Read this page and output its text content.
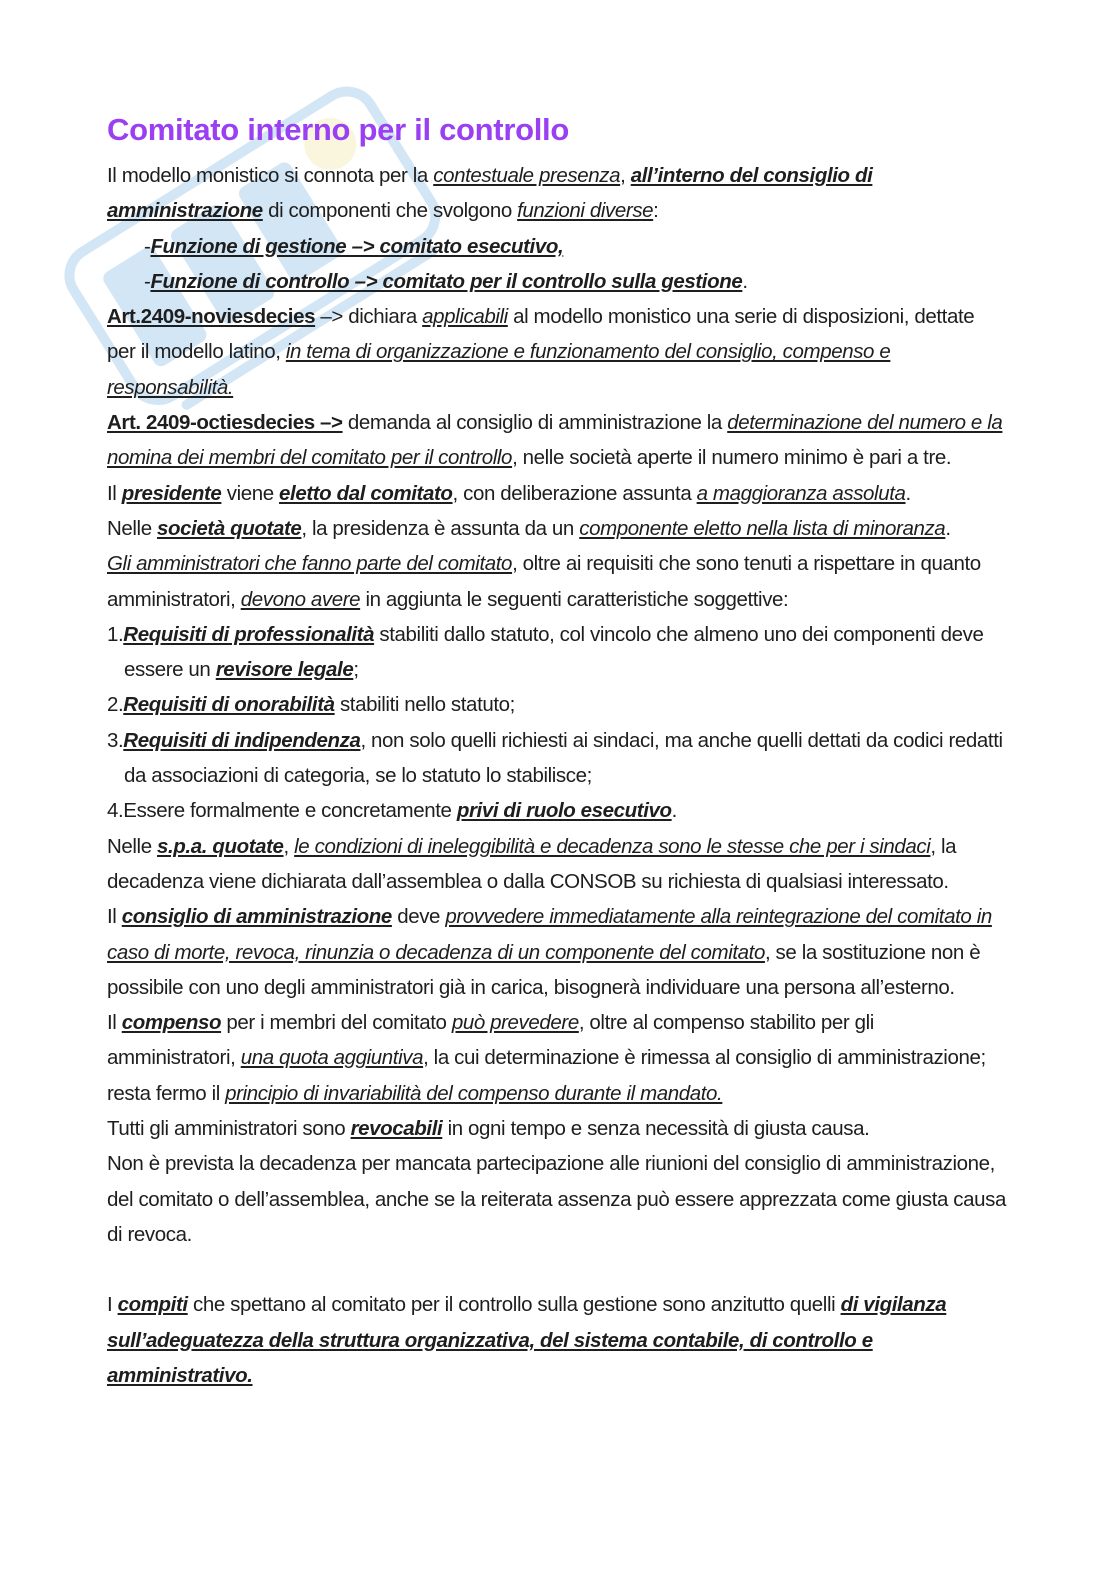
Comitato interno per il controllo

Il modello monistico si connota per la contestuale presenza, all’interno del consiglio di amministrazione di componenti che svolgono funzioni diverse:

-Funzione di gestione –> comitato esecutivo,

-Funzione di controllo –> comitato per il controllo sulla gestione.

Art.2409-noviesdecies –> dichiara applicabili al modello monistico una serie di disposizioni, dettate per il modello latino, in tema di organizzazione e funzionamento del consiglio, compenso e responsabilità.

Art. 2409-octiesdecies –> demanda al consiglio di amministrazione la determinazione del numero e la nomina dei membri del comitato per il controllo, nelle società aperte il numero minimo è pari a tre.

Il presidente viene eletto dal comitato, con deliberazione assunta a maggioranza assoluta.

Nelle società quotate, la presidenza è assunta da un componente eletto nella lista di minoranza.

Gli amministratori che fanno parte del comitato, oltre ai requisiti che sono tenuti a rispettare in quanto amministratori, devono avere in aggiunta le seguenti caratteristiche soggettive:

1.Requisiti di professionalità stabiliti dallo statuto, col vincolo che almeno uno dei componenti deve essere un revisore legale;

2.Requisiti di onorabilità stabiliti nello statuto;

3.Requisiti di indipendenza, non solo quelli richiesti ai sindaci, ma anche quelli dettati da codici redatti da associazioni di categoria, se lo statuto lo stabilisce;

4.Essere formalmente e concretamente privi di ruolo esecutivo.

Nelle s.p.a. quotate, le condizioni di ineleggibilità e decadenza sono le stesse che per i sindaci, la decadenza viene dichiarata dall’assemblea o dalla CONSOB su richiesta di qualsiasi interessato.

Il consiglio di amministrazione deve provvedere immediatamente alla reintegrazione del comitato in caso di morte, revoca, rinunzia o decadenza di un componente del comitato, se la sostituzione non è possibile con uno degli amministratori già in carica, bisognerà individuare una persona all’esterno.

Il compenso per i membri del comitato può prevedere, oltre al compenso stabilito per gli amministratori, una quota aggiuntiva, la cui determinazione è rimessa al consiglio di amministrazione; resta fermo il principio di invariabilità del compenso durante il mandato.

Tutti gli amministratori sono revocabili in ogni tempo e senza necessità di giusta causa.

Non è prevista la decadenza per mancata partecipazione alle riunioni del consiglio di amministrazione, del comitato o dell’assemblea, anche se la reiterata assenza può essere apprezzata come giusta causa di revoca.

I compiti che spettano al comitato per il controllo sulla gestione sono anzitutto quelli di vigilanza sull’adeguatezza della struttura organizzativa, del sistema contabile, di controllo e amministrativo.
